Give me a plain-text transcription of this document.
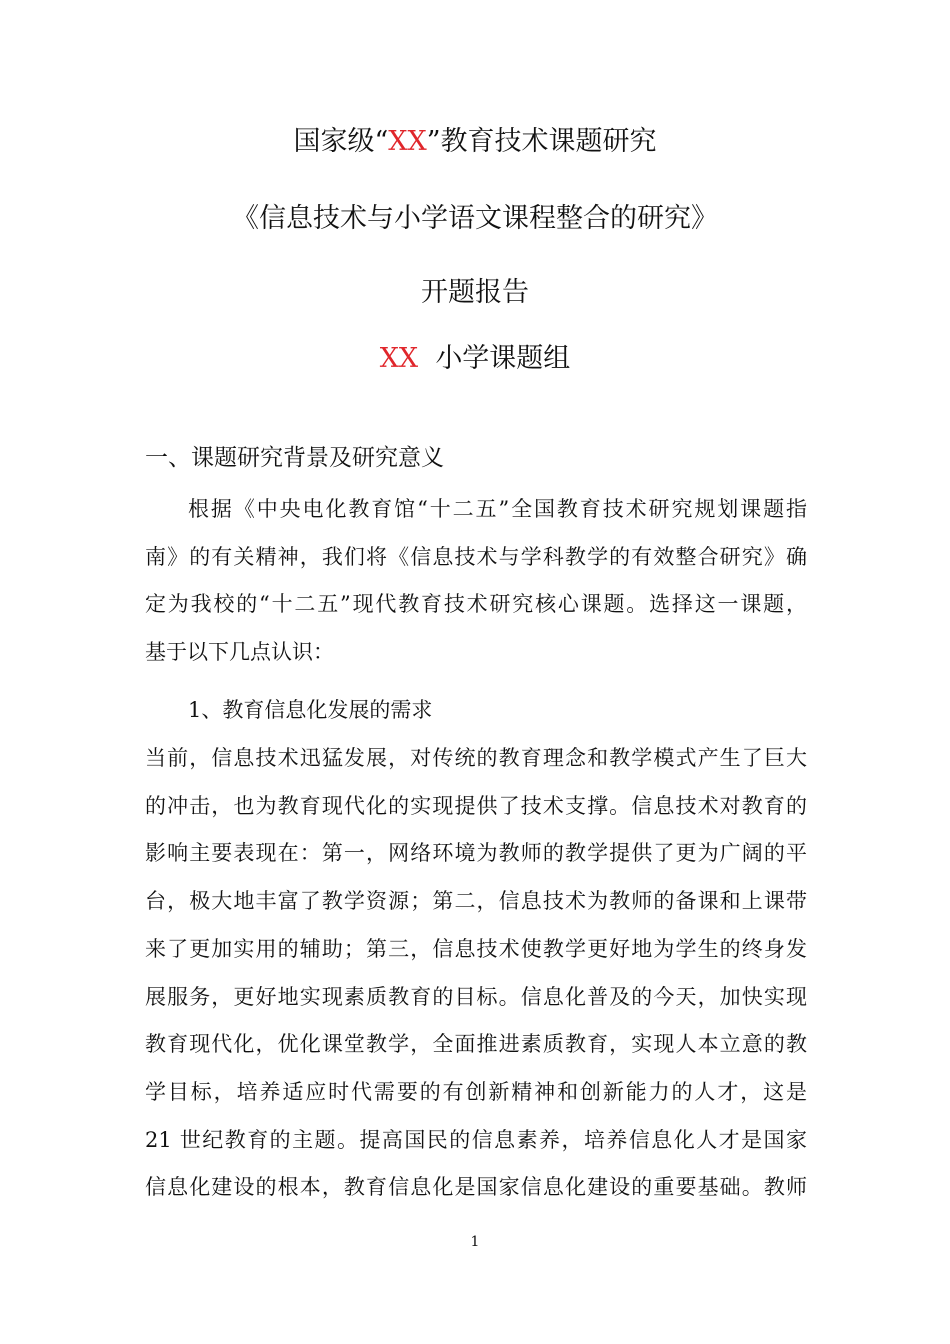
国家级“XX”教育技术课题研究
《信息技术与小学语文课程整合的研究》
开题报告
XX 小学课题组
一、课题研究背景及研究意义
根据《中央电化教育馆“十二五”全国教育技术研究规划课题指
南》的有关精神，我们将《信息技术与学科教学的有效整合研究》确
定为我校的“十二五”现代教育技术研究核心课题。选择这一课题，
基于以下几点认识：
1、教育信息化发展的需求
当前，信息技术迅猛发展，对传统的教育理念和教学模式产生了巨大
的冲击，也为教育现代化的实现提供了技术支撑。信息技术对教育的
影响主要表现在：第一，网络环境为教师的教学提供了更为广阔的平
台，极大地丰富了教学资源；第二，信息技术为教师的备课和上课带
来了更加实用的辅助；第三，信息技术使教学更好地为学生的终身发
展服务，更好地实现素质教育的目标。信息化普及的今天，加快实现
教育现代化，优化课堂教学，全面推进素质教育，实现人本立意的教
学目标，培养适应时代需要的有创新精神和创新能力的人才，这是
21 世纪教育的主题。提高国民的信息素养，培养信息化人才是国家
信息化建设的根本，教育信息化是国家信息化建设的重要基础。教师
1
